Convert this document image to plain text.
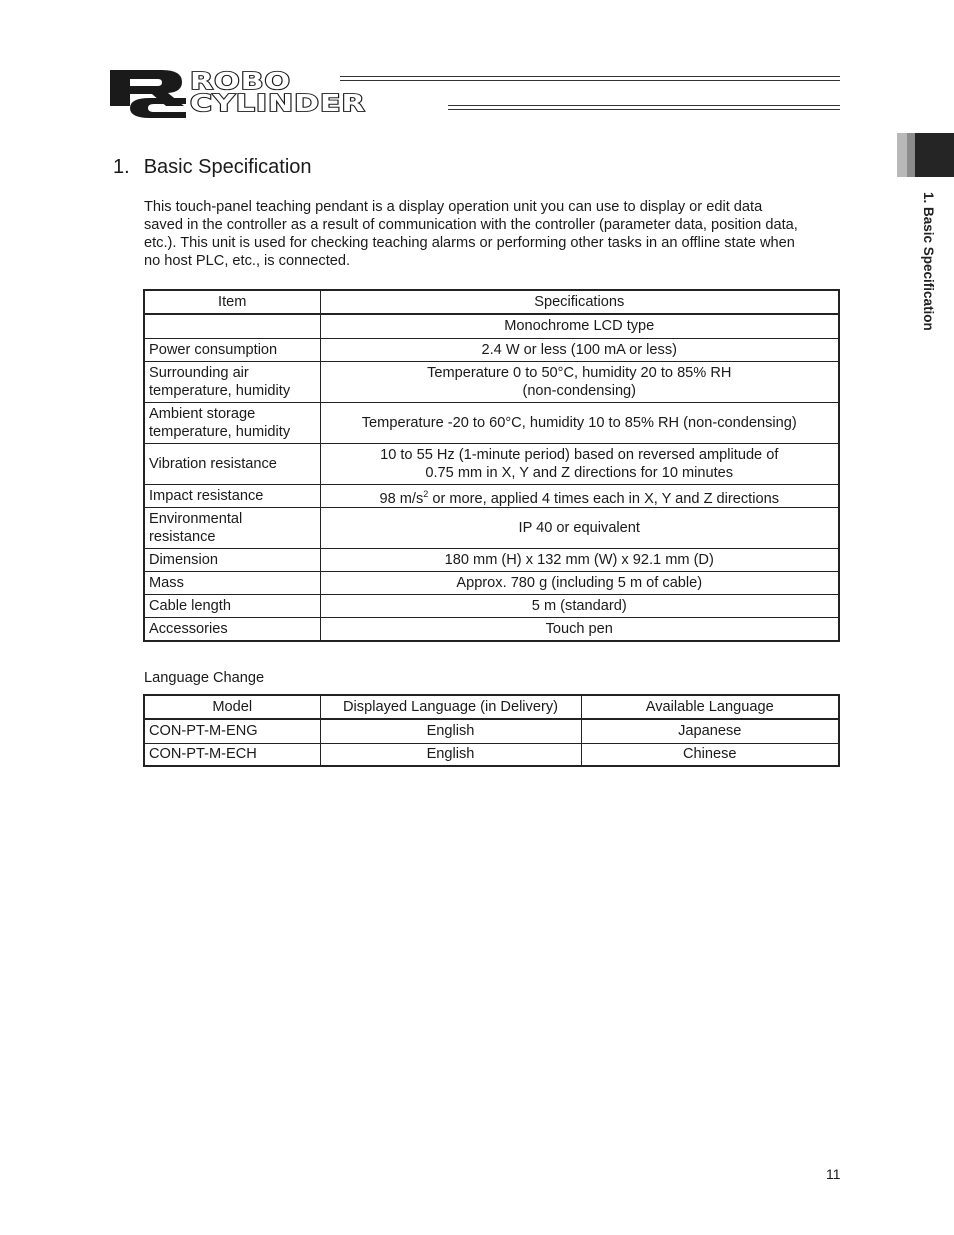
ROBO
CYLINDER
1. Basic Specification
1. Basic Specification

This touch-panel teaching pendant is a display operation unit you can use to display or edit data

saved in the controller as a result of communication with the controller (parameter data, position data,

etc.). This unit is used for checking teaching alarms or performing other tasks in an offline state when

no host PLC, etc., is connected.

Item	Specifications
	Monochrome LCD type
Power consumption	2.4 W or less (100 mA or less)
Surrounding air
temperature, humidity	Temperature 0 to 50°C, humidity 20 to 85% RH
(non-condensing)
Ambient storage
temperature, humidity	Temperature -20 to 60°C, humidity 10 to 85% RH (non-condensing)
Vibration resistance	10 to 55 Hz (1-minute period) based on reversed amplitude of
0.75 mm in X, Y and Z directions for 10 minutes
Impact resistance	98 $m/s^2$ or more, applied 4 times each in X, Y and Z directions
Environmental
resistance	IP 40 or equivalent
Dimension	180 mm (H) x 132 mm (W) x 92.1 mm (D)
Mass	Approx. 780 g (including 5 m of cable)
Cable length	5 m (standard)
Accessories	Touch pen
Language Change
Model	Displayed Language (in Delivery)	Available Language
CON-PT-M-ENG	English	Japanese
CON-PT-M-ECH	English	Chinese
11
